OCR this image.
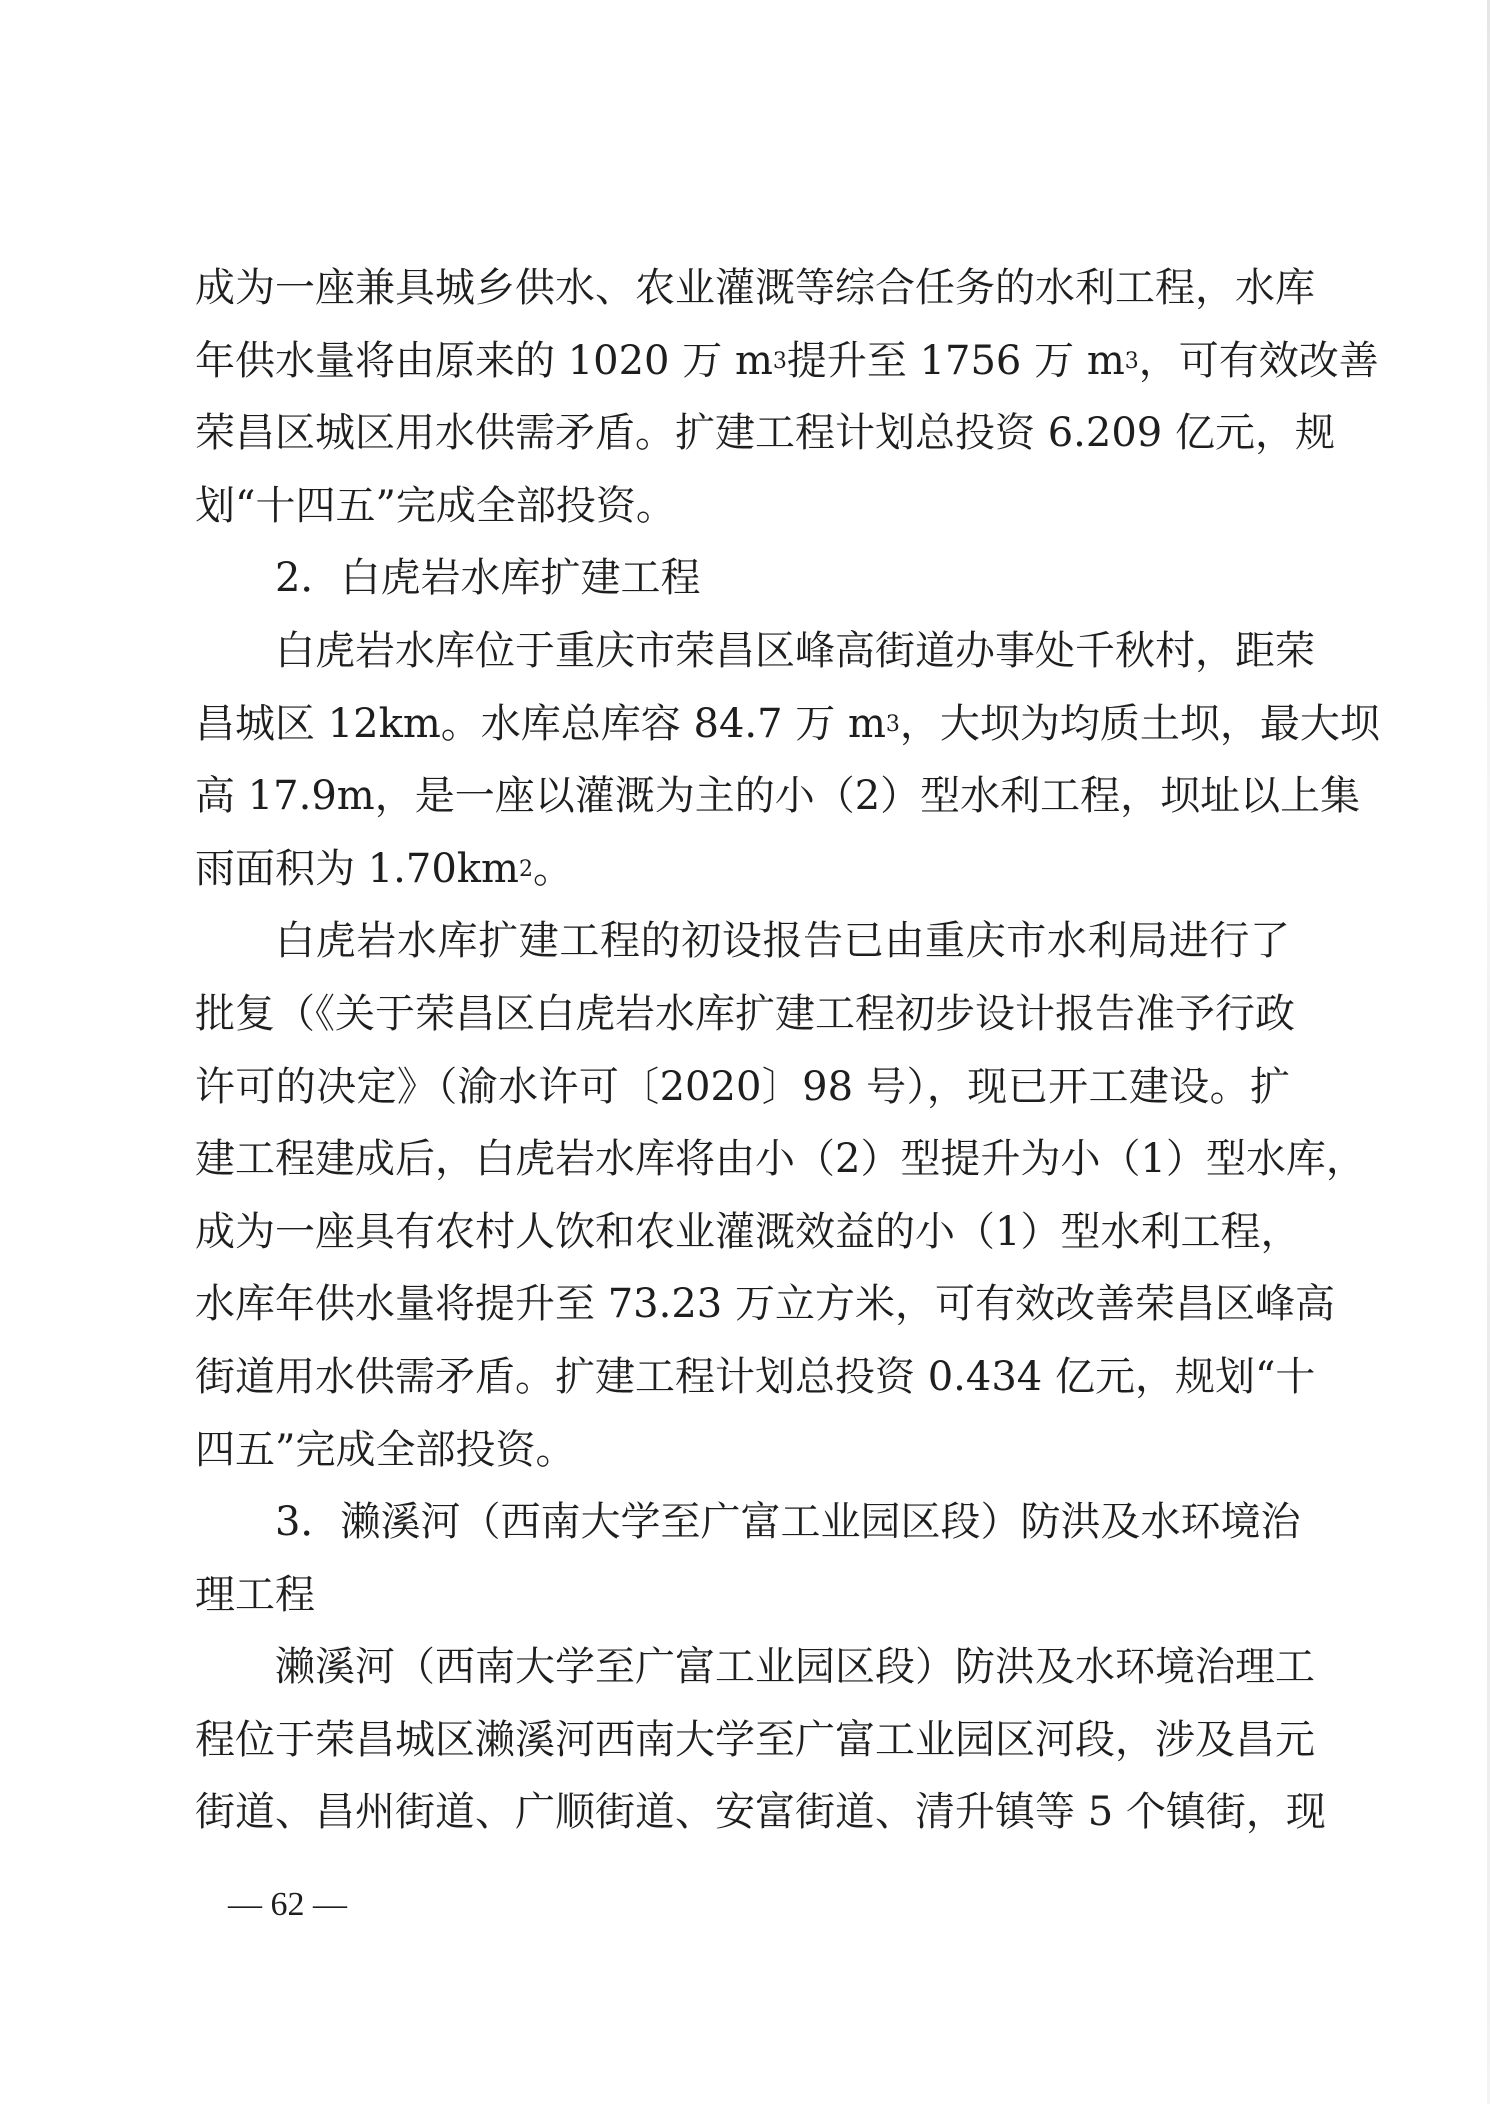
成为一座兼具城乡供水、农业灌溉等综合任务的水利工程，水库
年供水量将由原来的 1020 万 $m^3$提升至 1756 万 $m^3$，可有效改善
荣昌区城区用水供需矛盾。扩建工程计划总投资 6.209 亿元，规
划“十四五”完成全部投资。
2．白虎岩水库扩建工程
白虎岩水库位于重庆市荣昌区峰高街道办事处千秋村，距荣
昌城区 12km。水库总库容 84.7 万 $m^3$，大坝为均质土坝，最大坝
高 17.9m，是一座以灌溉为主的小（2）型水利工程，坝址以上集
雨面积为 $1.70km^2$。
白虎岩水库扩建工程的初设报告已由重庆市水利局进行了
批复（《关于荣昌区白虎岩水库扩建工程初步设计报告准予行政
许可的决定》（渝水许可〔2020〕98 号），现已开工建设。扩
建工程建成后，白虎岩水库将由小（2）型提升为小（1）型水库，
成为一座具有农村人饮和农业灌溉效益的小（1）型水利工程，
水库年供水量将提升至 73.23 万立方米，可有效改善荣昌区峰高
街道用水供需矛盾。扩建工程计划总投资 0.434 亿元，规划“十
四五”完成全部投资。
3．濑溪河（西南大学至广富工业园区段）防洪及水环境治
理工程
濑溪河（西南大学至广富工业园区段）防洪及水环境治理工
程位于荣昌城区濑溪河西南大学至广富工业园区河段，涉及昌元
街道、昌州街道、广顺街道、安富街道、清升镇等 5 个镇街，现
— 62 —
